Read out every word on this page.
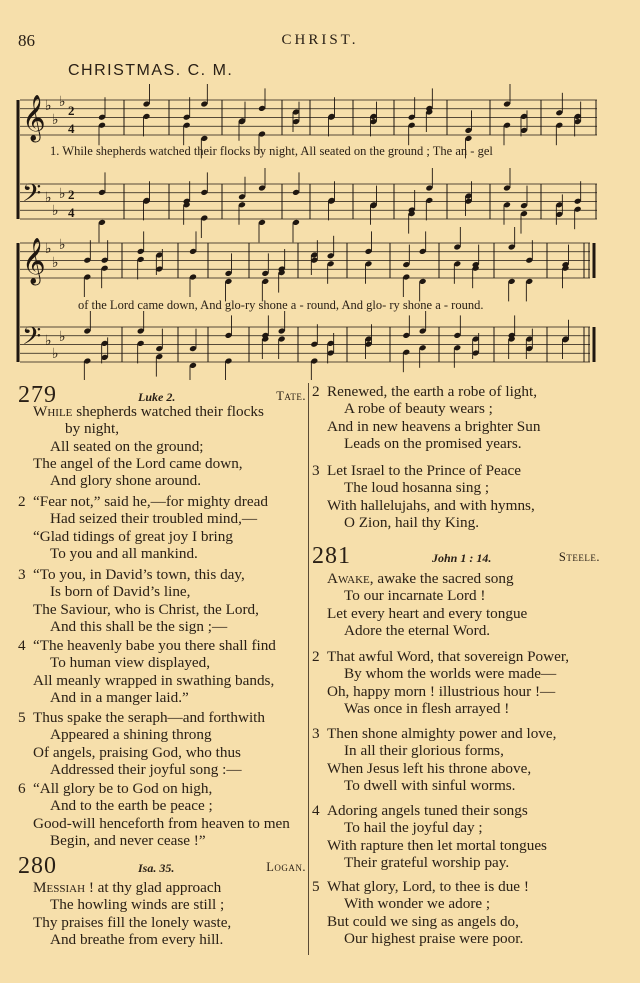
86	CHRIST.
CHRISTMAS. C. M.
𝄞 ♭
♭
♭
2
4
𝄢 ♭
♭
♭ 2
4
𝄞 ♭
♭
♭
𝄢 ♭
♭
♭
1. While shepherds watched their flocks by night, All seated on the ground ; The an - gel
of the Lord came down, And glo-ry shone a - round, And glo- ry shone a - round.
279	Luke 2.	Tate.
While shepherds watched their flocks
by night,
All seated on the ground;
The angel of the Lord came down,
And glory shone around.
2 “Fear not,” said he,—for mighty dread
Had seized their troubled mind,—
“Glad tidings of great joy I bring
To you and all mankind.
3 “To you, in David’s town, this day,
Is born of David’s line,
The Saviour, who is Christ, the Lord,
And this shall be the sign ;—
4 “The heavenly babe you there shall find
To human view displayed,
All meanly wrapped in swathing bands,
And in a manger laid.”
5 Thus spake the seraph—and forthwith
Appeared a shining throng
Of angels, praising God, who thus
Addressed their joyful song :—
6 “All glory be to God on high,
And to the earth be peace ;
Good-will henceforth from heaven to men
Begin, and never cease !”
280	Isa. 35.	Logan.
Messiah ! at thy glad approach
The howling winds are still ;
Thy praises fill the lonely waste,
And breathe from every hill.
2 Renewed, the earth a robe of light,
A robe of beauty wears ;
And in new heavens a brighter Sun
Leads on the promised years.
3 Let Israel to the Prince of Peace
The loud hosanna sing ;
With hallelujahs, and with hymns,
O Zion, hail thy King.
281	John 1 : 14.	Steele.
Awake, awake the sacred song
To our incarnate Lord !
Let every heart and every tongue
Adore the eternal Word.
2 That awful Word, that sovereign Power,
By whom the worlds were made—
Oh, happy morn ! illustrious hour !—
Was once in flesh arrayed !
3 Then shone almighty power and love,
In all their glorious forms,
When Jesus left his throne above,
To dwell with sinful worms.
4 Adoring angels tuned their songs
To hail the joyful day ;
With rapture then let mortal tongues
Their grateful worship pay.
5 What glory, Lord, to thee is due !
With wonder we adore ;
But could we sing as angels do,
Our highest praise were poor.
